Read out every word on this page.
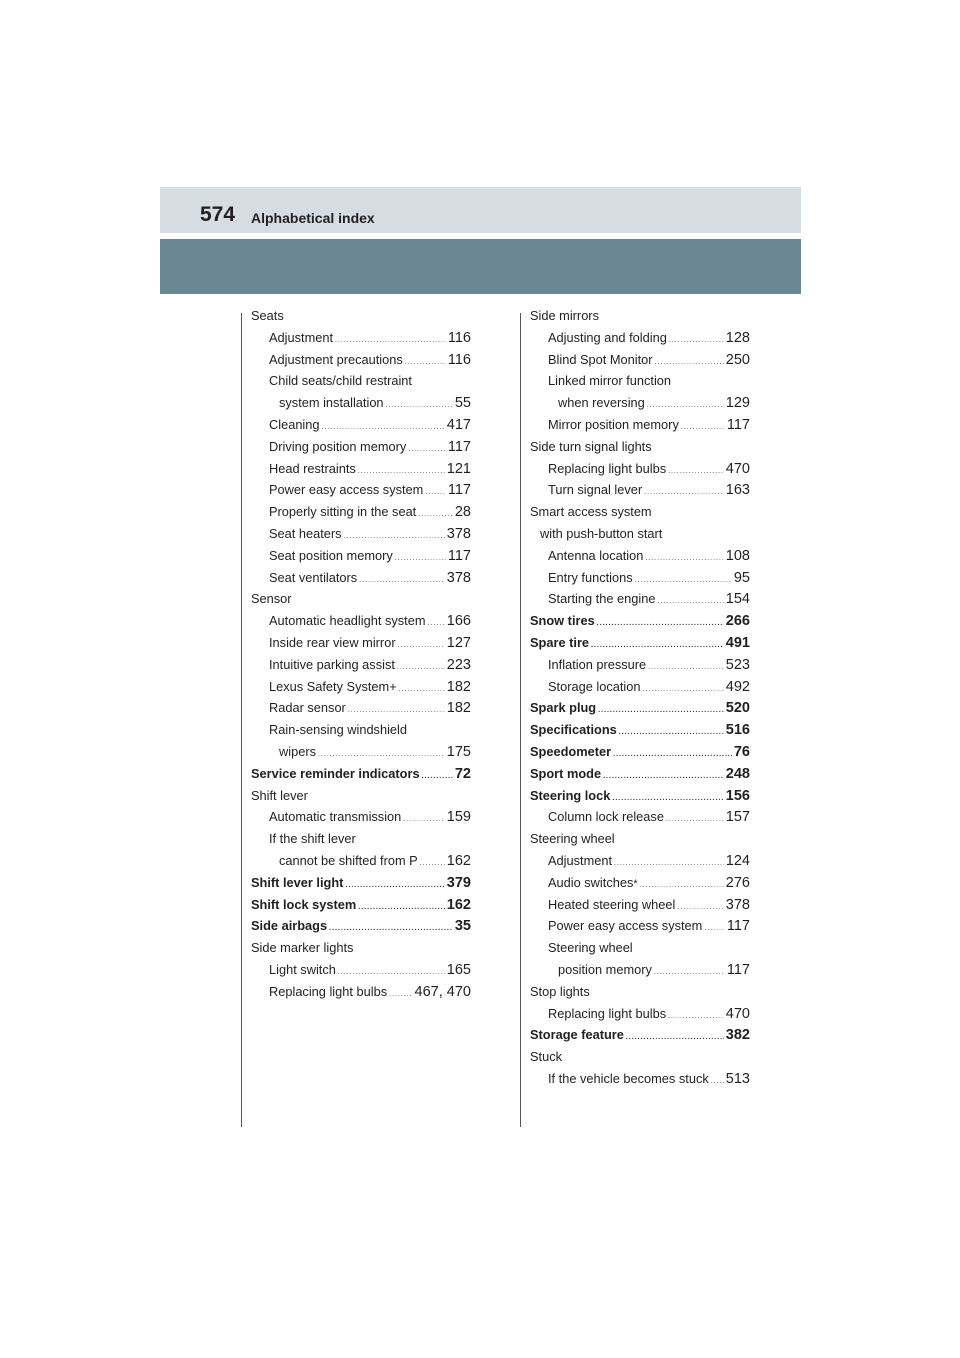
574 Alphabetical index
Seats
Adjustment .....	116
Adjustment precautions .....	116
Child seats/child restraint
system installation .....	55
Cleaning .....	417
Driving position memory .....	117
Head restraints .....	121
Power easy access system ..... 117
Properly sitting in the seat .....	28
Seat heaters .....	378
Seat position memory .....	117
Seat ventilators .....	378
Sensor
Automatic headlight system ..... 166
Inside rear view mirror .....	127
Intuitive parking assist .....	223
Lexus Safety System+ .....	182
Radar sensor .....	182
Rain-sensing windshield
wipers .....	175
Service reminder indicators ..... 72
Shift lever
Automatic transmission .....	159
If the shift lever
cannot be shifted from P ..... 162
Shift lever light .....	379
Shift lock system .....	162
Side airbags .....	35
Side marker lights
Light switch .....	165
Replacing light bulbs ..... 467, 470
Side mirrors
Adjusting and folding .....	128
Blind Spot Monitor .....	250
Linked mirror function
when reversing .....	129
Mirror position memory .....	117
Side turn signal lights
Replacing light bulbs .....	470
Turn signal lever .....	163
Smart access system
with push-button start
Antenna location .....	108
Entry functions .....	95
Starting the engine .....	154
Snow tires .....	266
Spare tire .....	491
Inflation pressure .....	523
Storage location .....	492
Spark plug .....	520
Specifications .....	516
Speedometer .....	76
Sport mode .....	248
Steering lock .....	156
Column lock release .....	157
Steering wheel
Adjustment .....	124
Audio switches * .....	276
Heated steering wheel .....	378
Power easy access system ..... 117
Steering wheel
position memory .....	117
Stop lights
Replacing light bulbs .....	470
Storage feature .....	382
Stuck
If the vehicle becomes stuck ..... 513
